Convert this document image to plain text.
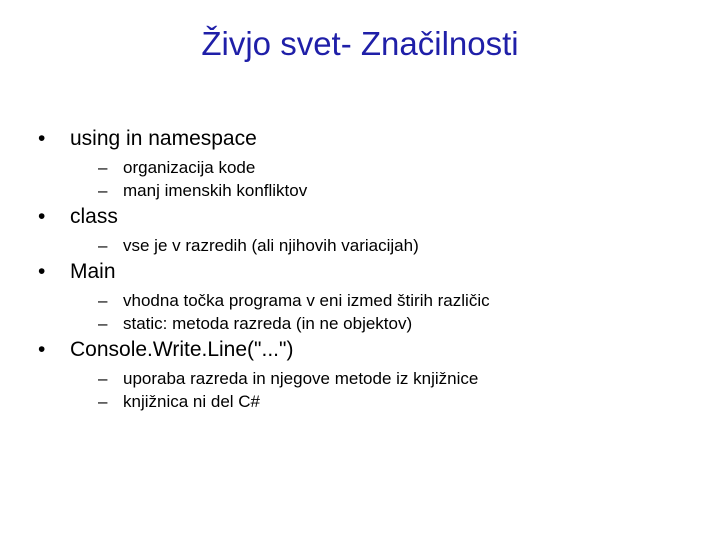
Živjo svet- Značilnosti
• using in namespace
– organizacija kode
– manj imenskih konfliktov
• class
– vse je v razredih (ali njihovih variacijah)
• Main
– vhodna točka programa v eni izmed štirih različic
– static: metoda razreda (in ne objektov)
• Console.Write.Line("...")
– uporaba razreda in njegove metode iz knjižnice
– knjižnica ni del C#
